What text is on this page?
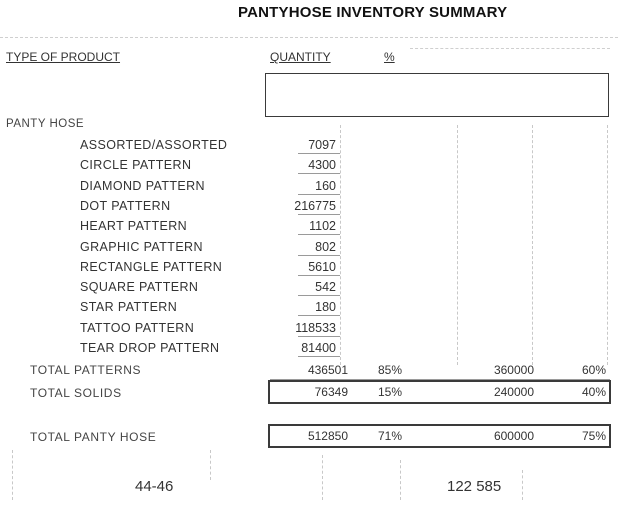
PANTYHOSE INVENTORY SUMMARY
TYPE OF PRODUCT	QUANTITY	%
PANTY HOSE
ASSORTED/ASSORTED	7097
CIRCLE PATTERN	4300
DIAMOND PATTERN	160
DOT PATTERN	216775
HEART PATTERN	1102
GRAPHIC PATTERN	802
RECTANGLE PATTERN	5610
SQUARE PATTERN	542
STAR PATTERN	180
TATTOO PATTERN	118533
TEAR DROP PATTERN	81400
TOTAL PATTERNS	436501	85%	360000	60%
TOTAL SOLIDS	76349	15%	240000	40%
TOTAL PANTY HOSE	512850	71%	600000	75%
44-46	122 585
